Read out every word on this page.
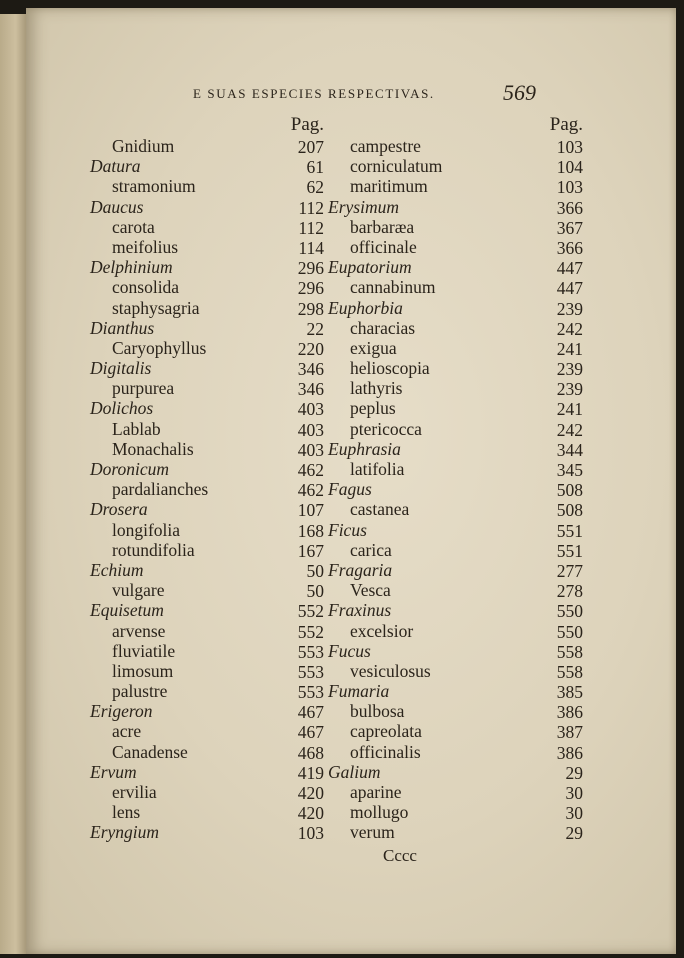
E SUAS ESPECIES RESPECTIVAS.	569
Pag.
Gnidium	207
Datura	61
stramonium	62
Daucus	112
carota	112
meifolius	114
Delphinium	296
consolida	296
staphysagria	298
Dianthus	22
Caryophyllus	220
Digitalis	346
purpurea	346
Dolichos	403
Lablab	403
Monachalis	403
Doronicum	462
pardalianches	462
Drosera	107
longifolia	168
rotundifolia	167
Echium	50
vulgare	50
Equisetum	552
arvense	552
fluviatile	553
limosum	553
palustre	553
Erigeron	467
acre	467
Canadense	468
Ervum	419
ervilia	420
lens	420
Eryngium	103
Pag.
campestre	103
corniculatum	104
maritimum	103
Erysimum	366
barbaræa	367
officinale	366
Eupatorium	447
cannabinum	447
Euphorbia	239
characias	242
exigua	241
helioscopia	239
lathyris	239
peplus	241
ptericocca	242
Euphrasia	344
latifolia	345
Fagus	508
castanea	508
Ficus	551
carica	551
Fragaria	277
Vesca	278
Fraxinus	550
excelsior	550
Fucus	558
vesiculosus	558
Fumaria	385
bulbosa	386
capreolata	387
officinalis	386
Galium	29
aparine	30
mollugo	30
verum	29
Cccc
